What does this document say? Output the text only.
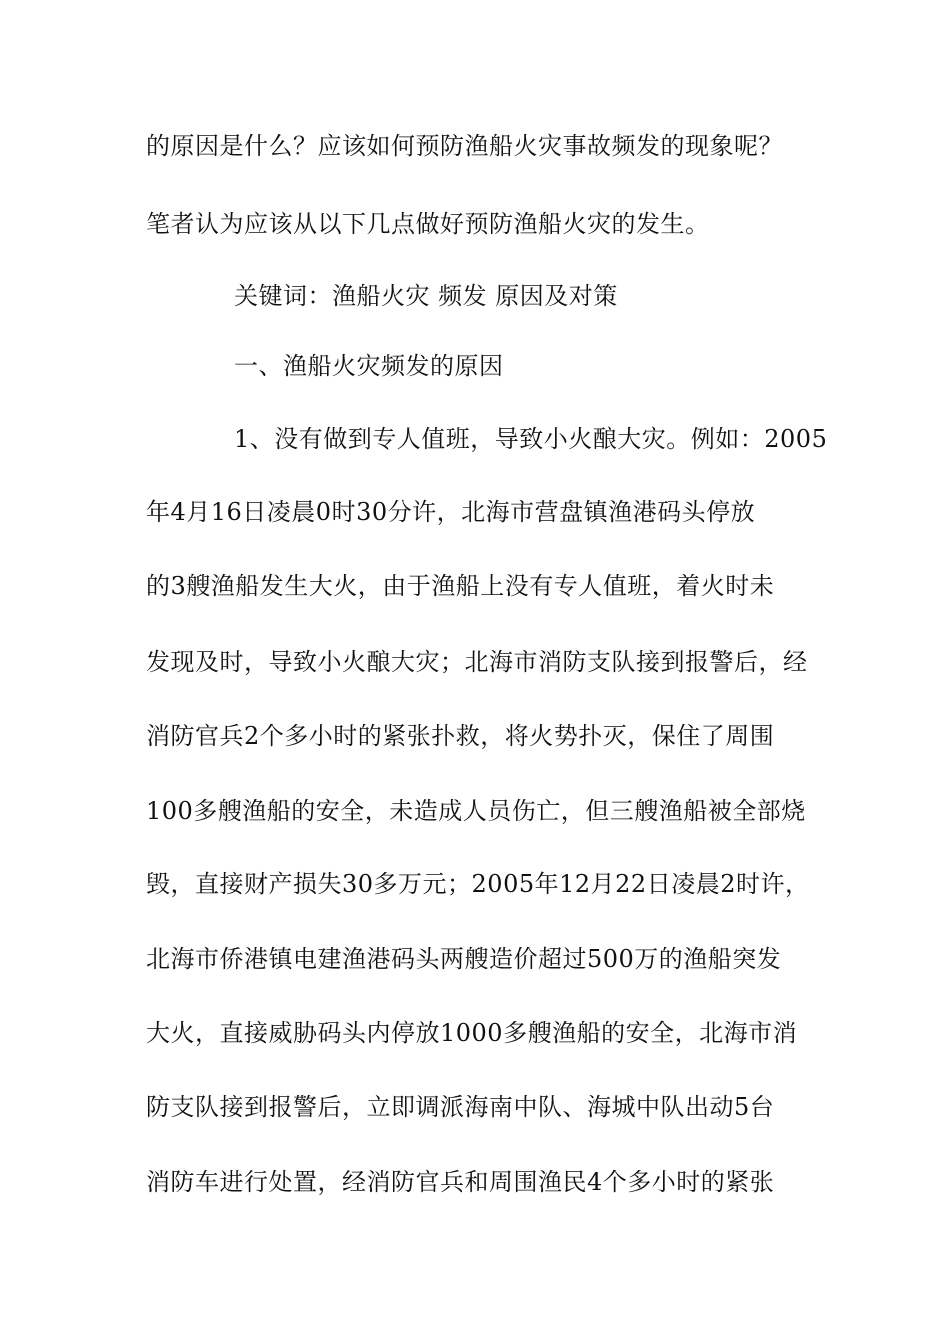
的原因是什么？应该如何预防渔船火灾事故频发的现象呢？
笔者认为应该从以下几点做好预防渔船火灾的发生。
关键词：渔船火灾 频发 原因及对策
一、渔船火灾频发的原因
1、没有做到专人值班，导致小火酿大灾。例如：2005
年4月16日凌晨0时30分许，北海市营盘镇渔港码头停放
的3艘渔船发生大火，由于渔船上没有专人值班，着火时未
发现及时，导致小火酿大灾；北海市消防支队接到报警后，经
消防官兵2个多小时的紧张扑救，将火势扑灭，保住了周围
100多艘渔船的安全，未造成人员伤亡，但三艘渔船被全部烧
毁，直接财产损失30多万元；2005年12月22日凌晨2时许，
北海市侨港镇电建渔港码头两艘造价超过500万的渔船突发
大火，直接威胁码头内停放1000多艘渔船的安全，北海市消
防支队接到报警后，立即调派海南中队、海城中队出动5台
消防车进行处置，经消防官兵和周围渔民4个多小时的紧张
